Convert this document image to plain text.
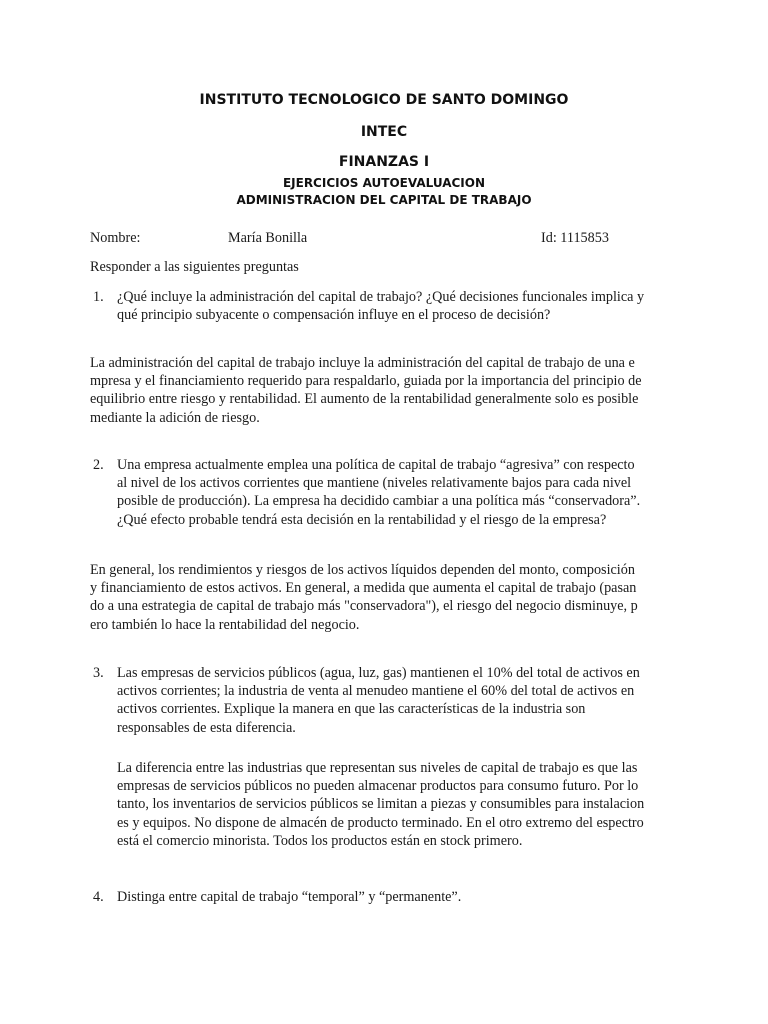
INSTITUTO TECNOLOGICO DE SANTO DOMINGO
INTEC
FINANZAS I
EJERCICIOS AUTOEVALUACION
ADMINISTRACION DEL CAPITAL DE TRABAJO
Nombre:	María Bonilla	Id: 1115853
Responder a las siguientes preguntas
1. ¿Qué incluye la administración del capital de trabajo? ¿Qué decisiones funcionales implica y
qué principio subyacente o compensación influye en el proceso de decisión?
La administración del capital de trabajo incluye la administración del capital de trabajo de una e
mpresa y el financiamiento requerido para respaldarlo, guiada por la importancia del principio de
equilibrio entre riesgo y rentabilidad. El aumento de la rentabilidad generalmente solo es posible
mediante la adición de riesgo.
2. Una empresa actualmente emplea una política de capital de trabajo “agresiva” con respecto
al nivel de los activos corrientes que mantiene (niveles relativamente bajos para cada nivel
posible de producción). La empresa ha decidido cambiar a una política más “conservadora”.
¿Qué efecto probable tendrá esta decisión en la rentabilidad y el riesgo de la empresa?
En general, los rendimientos y riesgos de los activos líquidos dependen del monto, composición
y financiamiento de estos activos. En general, a medida que aumenta el capital de trabajo (pasan
do a una estrategia de capital de trabajo más "conservadora"), el riesgo del negocio disminuye, p
ero también lo hace la rentabilidad del negocio.
3. Las empresas de servicios públicos (agua, luz, gas) mantienen el 10% del total de activos en
activos corrientes; la industria de venta al menudeo mantiene el 60% del total de activos en
activos corrientes. Explique la manera en que las características de la industria son
responsables de esta diferencia.
La diferencia entre las industrias que representan sus niveles de capital de trabajo es que las
empresas de servicios públicos no pueden almacenar productos para consumo futuro. Por lo
tanto, los inventarios de servicios públicos se limitan a piezas y consumibles para instalacion
es y equipos. No dispone de almacén de producto terminado. En el otro extremo del espectro
está el comercio minorista. Todos los productos están en stock primero.
4. Distinga entre capital de trabajo “temporal” y “permanente”.
